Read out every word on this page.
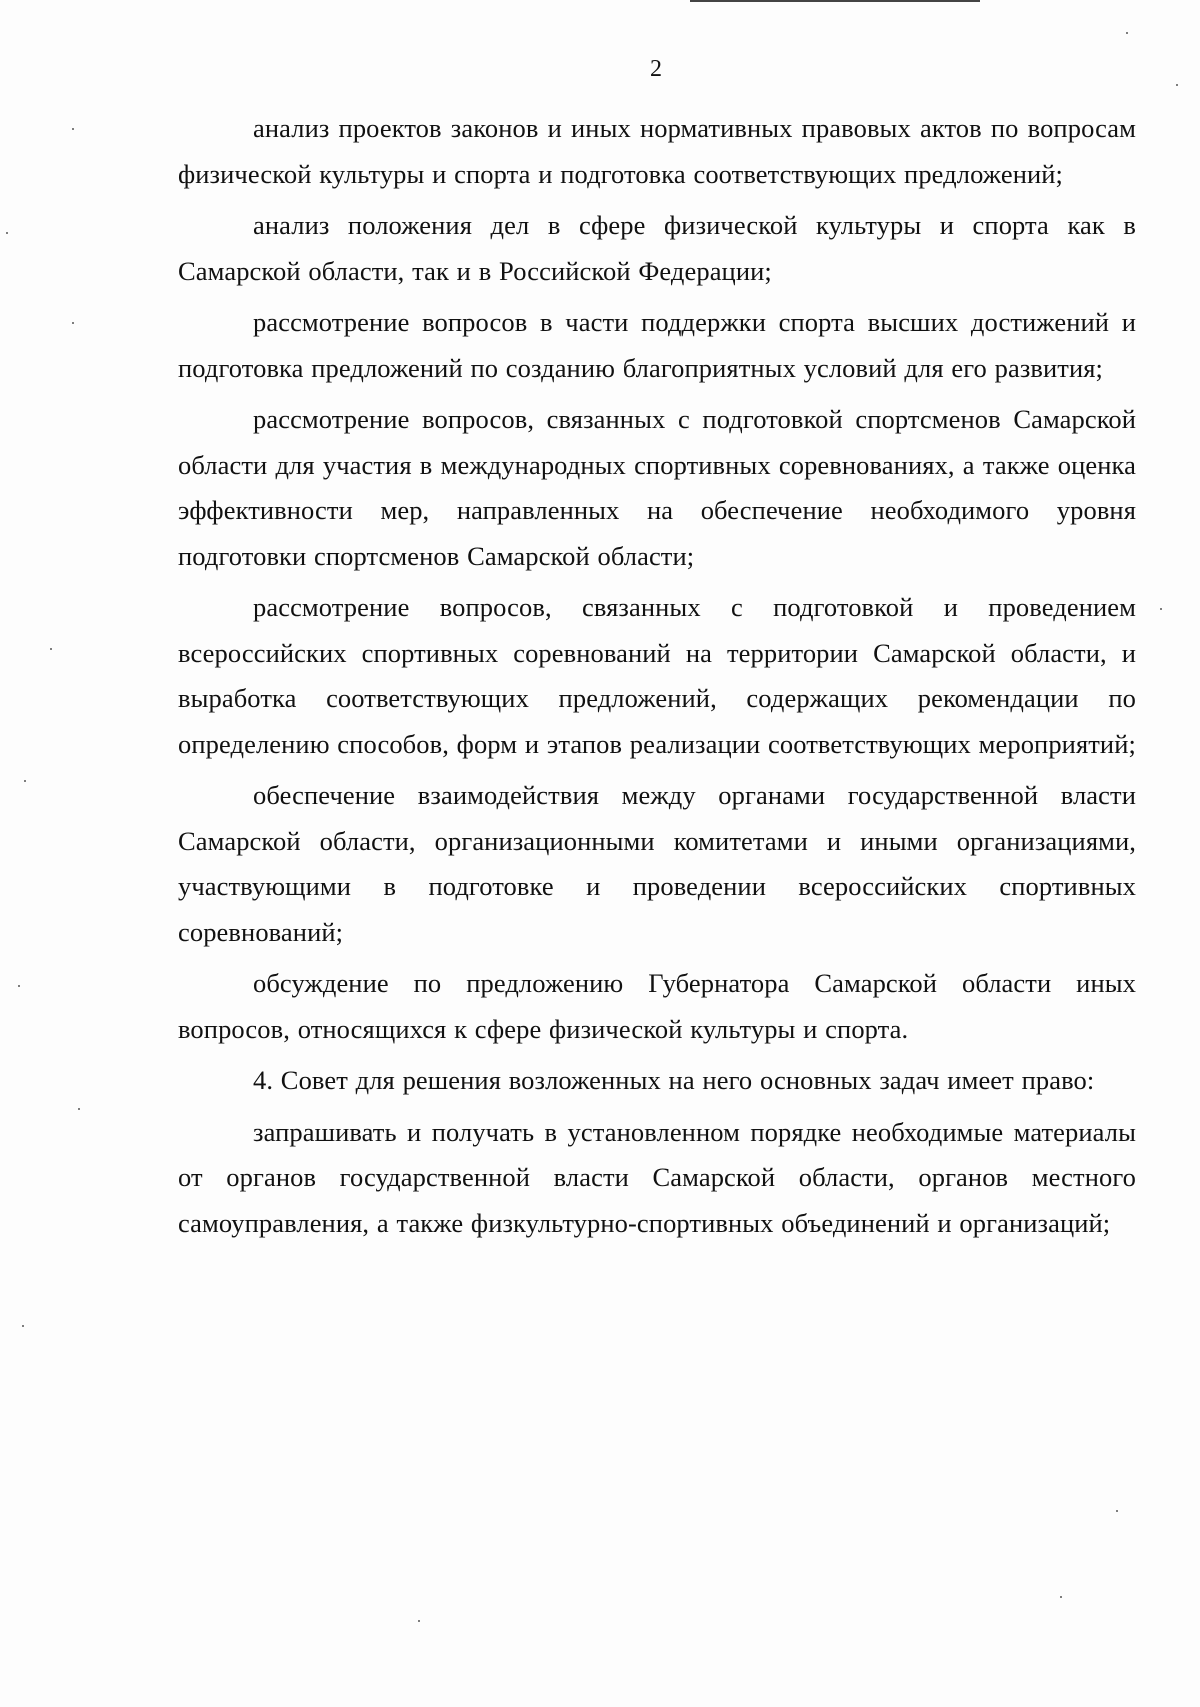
2

анализ проектов законов и иных нормативных правовых актов по вопросам физической культуры и спорта и подготовка соответствующих предложений;

анализ положения дел в сфере физической культуры и спорта как в Самарской области, так и в Российской Федерации;

рассмотрение вопросов в части поддержки спорта высших достижений и подготовка предложений по созданию благоприятных условий для его развития;

рассмотрение вопросов, связанных с подготовкой спортсменов Самарской области для участия в международных спортивных соревнованиях, а также оценка эффективности мер, направленных на обеспечение необходимого уровня подготовки спортсменов Самарской области;

рассмотрение вопросов, связанных с подготовкой и проведением всероссийских спортивных соревнований на территории Самарской области, и выработка соответствующих предложений, содержащих рекомендации по определению способов, форм и этапов реализации соответствующих мероприятий;

обеспечение взаимодействия между органами государственной власти Самарской области, организационными комитетами и иными организациями, участвующими в подготовке и проведении всероссийских спортивных соревнований;

обсуждение по предложению Губернатора Самарской области иных вопросов, относящихся к сфере физической культуры и спорта.

4. Совет для решения возложенных на него основных задач имеет право:

запрашивать и получать в установленном порядке необходимые материалы от органов государственной власти Самарской области, органов местного самоуправления, а также физкультурно-спортивных объединений и организаций;
